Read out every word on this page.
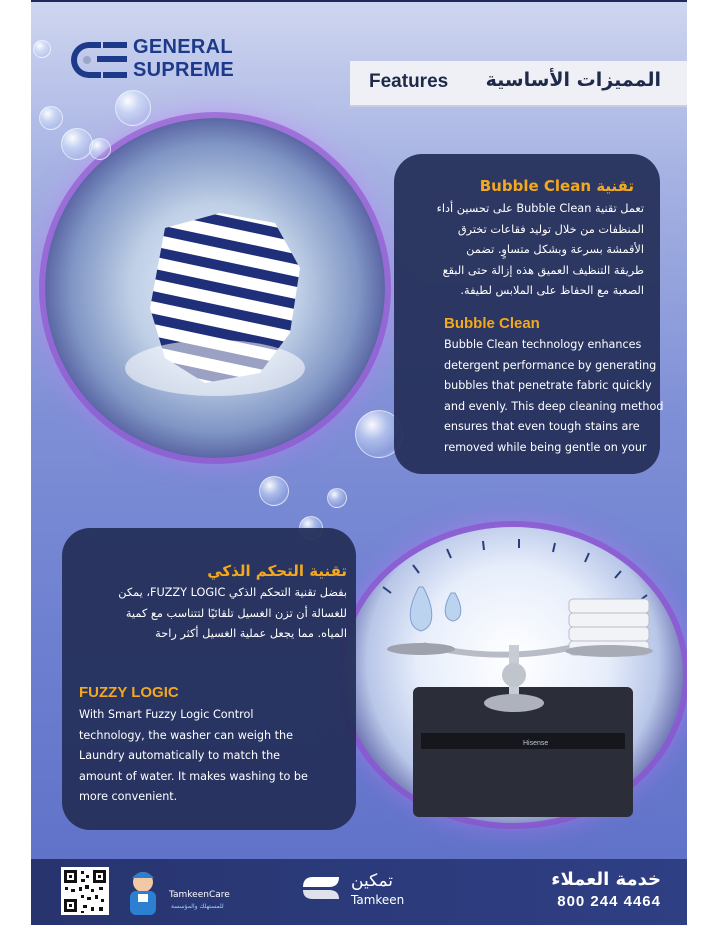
GENERAL
SUPREME
Features المميزات الأساسية
Hisense
تقنية Bubble Clean
تعمل تقنية Bubble Clean على تحسين أداء
المنظفات من خلال توليد فقاعات تخترق
الأقمشة بسرعة وبشكل متساوٍ. تضمن
طريقة التنظيف العميق هذه إزالة حتى البقع
الصعبة مع الحفاظ على الملابس لطيفة.
Bubble Clean
Bubble Clean technology enhances
detergent performance by generating
bubbles that penetrate fabric quickly
and evenly. This deep cleaning method
ensures that even tough stains are
removed while being gentle on your
تقنية التحكم الذكي
بفضل تقنية التحكم الذكي FUZZY LOGIC، يمكن
للغسالة أن تزن الغسيل تلقائيًا لتتناسب مع كمية
المياه. مما يجعل عملية الغسيل أكثر راحة
FUZZY LOGIC
With Smart Fuzzy Logic Control
technology, the washer can weigh the
Laundry automatically to match the
amount of water. It makes washing to be
more convenient.
TamkeenCare
للمستهلك والمؤسسة
تمكين
Tamkeen
خدمة العملاء
800 244 4464
